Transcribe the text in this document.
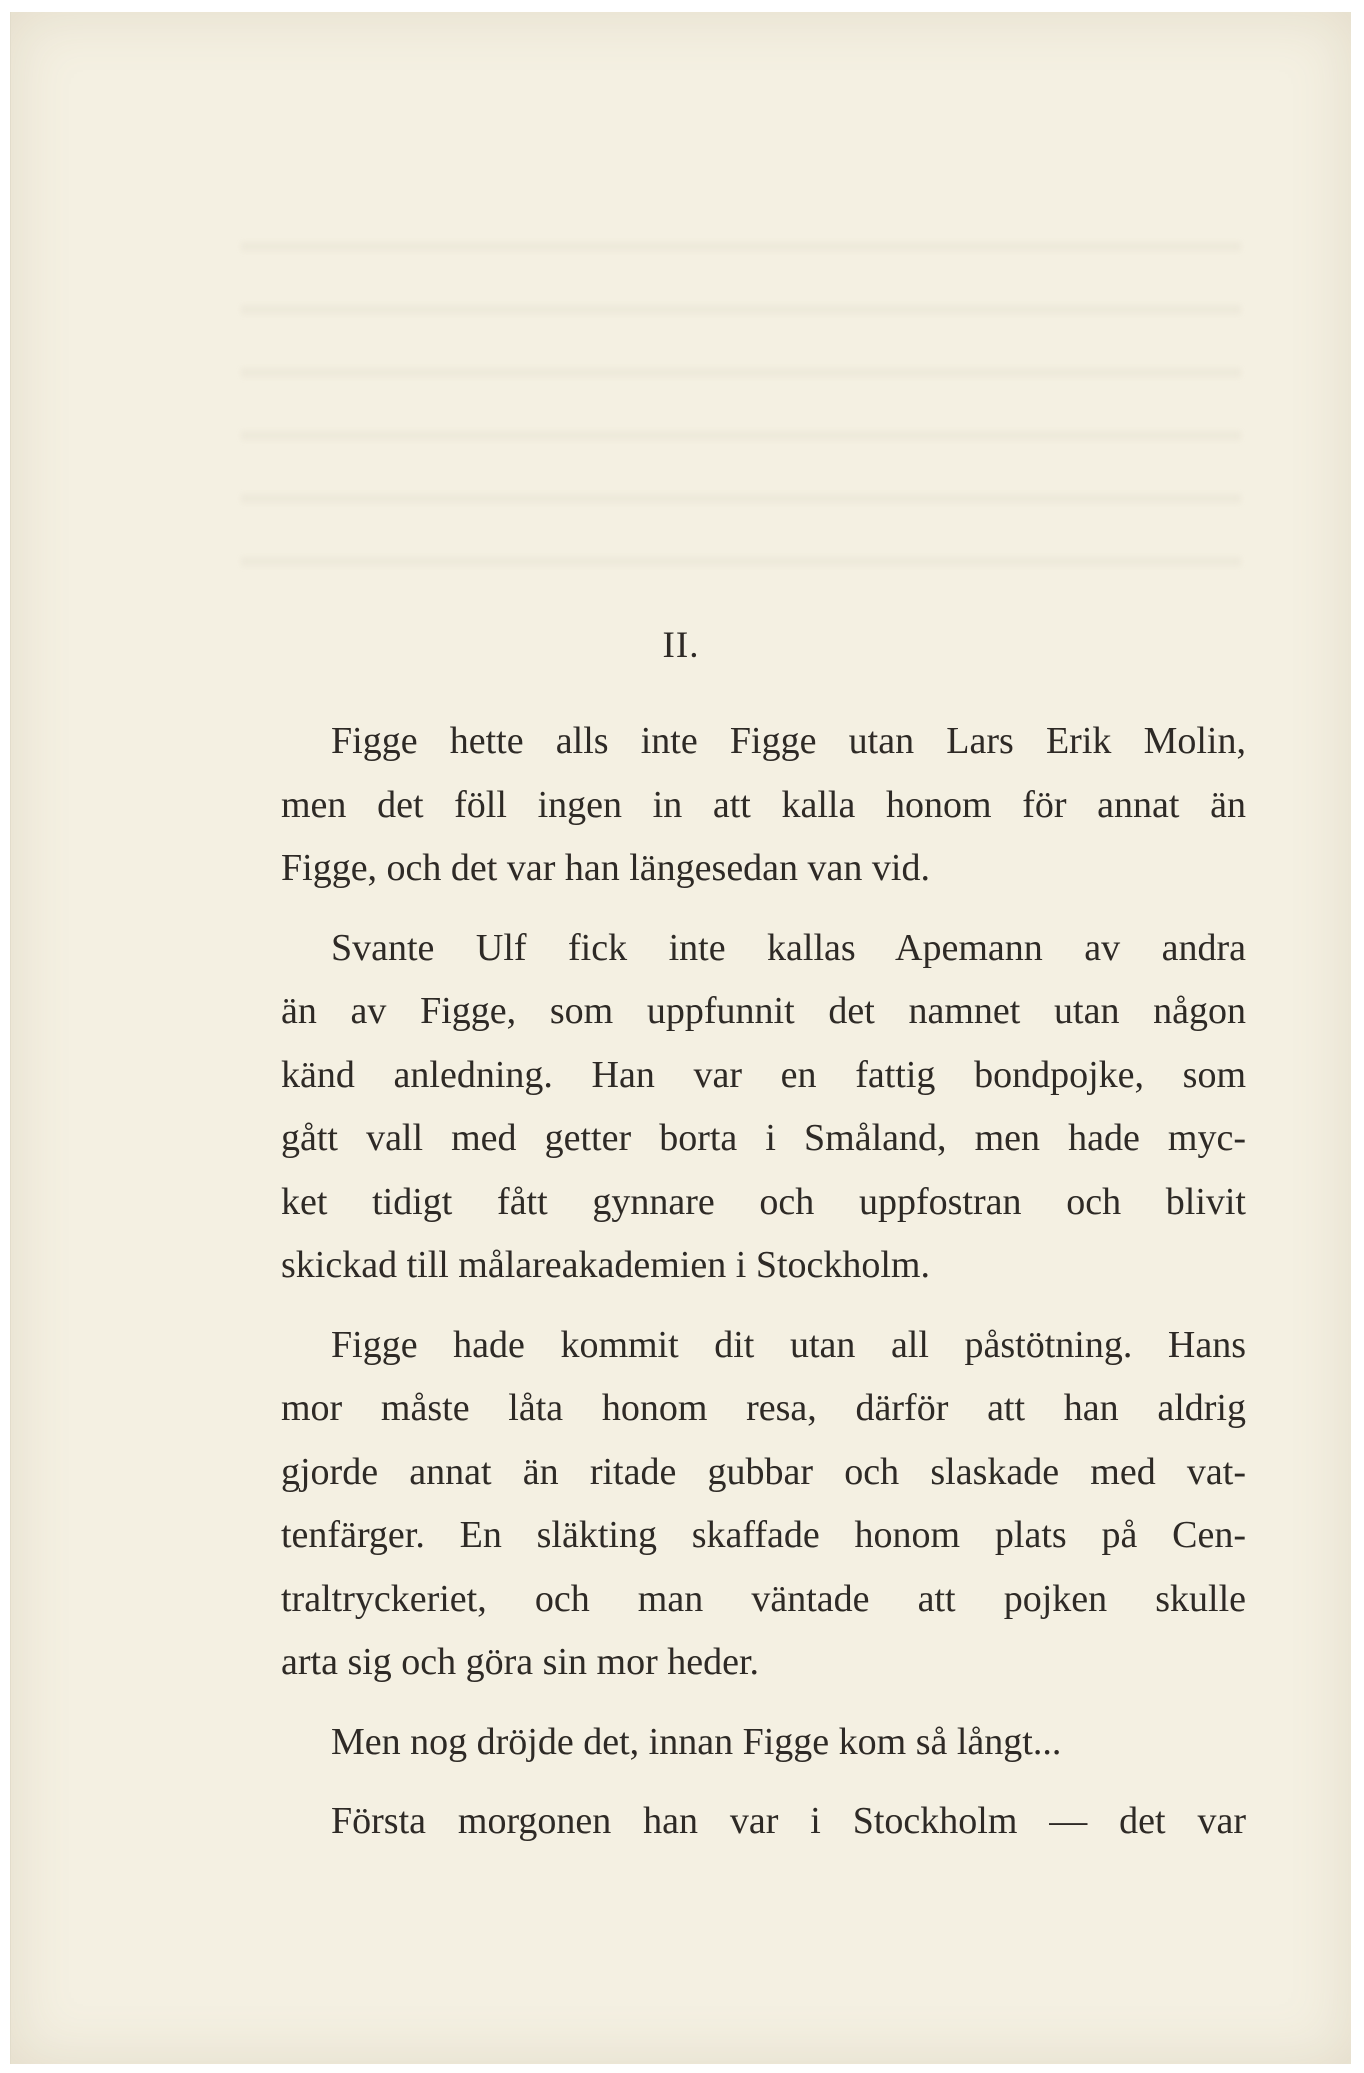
II.
Figge hette alls inte Figge utan Lars Erik Molin,
men det föll ingen in att kalla honom för annat än
Figge, och det var han längesedan van vid.
Svante Ulf fick inte kallas Apemann av andra
än av Figge, som uppfunnit det namnet utan någon
känd anledning. Han var en fattig bondpojke, som
gått vall med getter borta i Småland, men hade myc-
ket tidigt fått gynnare och uppfostran och blivit
skickad till målareakademien i Stockholm.
Figge hade kommit dit utan all påstötning. Hans
mor måste låta honom resa, därför att han aldrig
gjorde annat än ritade gubbar och slaskade med vat-
tenfärger. En släkting skaffade honom plats på Cen-
traltryckeriet, och man väntade att pojken skulle
arta sig och göra sin mor heder.
Men nog dröjde det, innan Figge kom så långt...
Första morgonen han var i Stockholm — det var
